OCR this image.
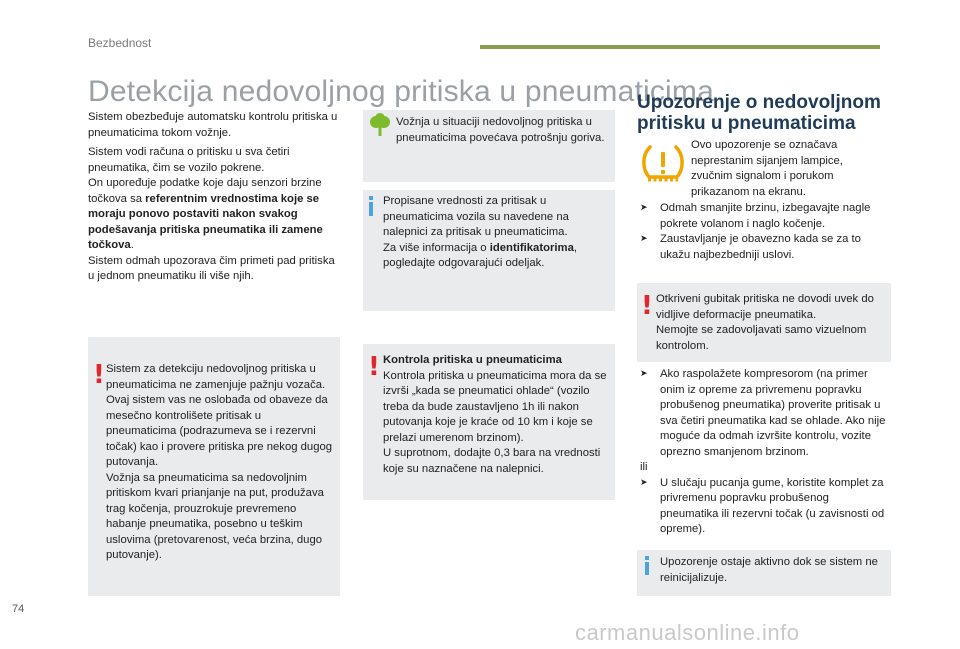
Bezbednost
Detekcija nedovoljnog pritiska u pneumaticima
Sistem obezbeđuje automatsku kontrolu pritiska u pneumaticima tokom vožnje.
Sistem vodi računa o pritisku u sva četiri pneumatika, čim se vozilo pokrene.
On upoređuje podatke koje daju senzori brzine točkova sa referentnim vrednostima koje se moraju ponovo postaviti nakon svakog podešavanja pritiska pneumatika ili zamene točkova.
Sistem odmah upozorava čim primeti pad pritiska u jednom pneumatiku ili više njih.
! Sistem za detekciju nedovoljnog pritiska u pneumaticima ne zamenjuje pažnju vozača.
Ovaj sistem vas ne oslobađa od obaveze da mesečno kontrolišete pritisak u pneumaticima (podrazumeva se i rezervni točak) kao i provere pritiska pre nekog dugog putovanja.
Vožnja sa pneumaticima sa nedovoljnim pritiskom kvari prianjanje na put, produžava trag kočenja, prouzrokuje prevremeno habanje pneumatika, posebno u teškim uslovima (pretovarenost, veća brzina, dugo putovanje).
Vožnja u situaciji nedovoljnog pritiska u pneumaticima povećava potrošnju goriva.
Propisane vrednosti za pritisak u pneumaticima vozila su navedene na nalepnici za pritisak u pneumaticima.
Za više informacija o identifikatorima, pogledajte odgovarajući odeljak.
! Kontrola pritiska u pneumaticima
Kontrola pritiska u pneumaticima mora da se izvrši „kada se pneumatici ohlade“ (vozilo treba da bude zaustavljeno 1h ili nakon putovanja koje je kraće od 10 km i koje se prelazi umerenom brzinom).
U suprotnom, dodajte 0,3 bara na vrednosti koje su naznačene na nalepnici.
Upozorenje o nedovoljnom pritisku u pneumaticima
Ovo upozorenje se označava neprestanim sijanjem lampice, zvučnim signalom i porukom prikazanom na ekranu.
➤	Odmah smanjite brzinu, izbegavajte nagle pokrete volanom i naglo kočenje.
➤	Zaustavljanje je obavezno kada se za to ukažu najbezbedniji uslovi.
! Otkriveni gubitak pritiska ne dovodi uvek do vidljive deformacije pneumatika.
Nemojte se zadovoljavati samo vizuelnom kontrolom.
➤	Ako raspolažete kompresorom (na primer onim iz opreme za privremenu popravku probušenog pneumatika) proverite pritisak u sva četiri pneumatika kad se ohlade. Ako nije moguće da odmah izvršite kontrolu, vozite oprezno smanjenom brzinom.
ili
➤	U slučaju pucanja gume, koristite komplet za privremenu popravku probušenog pneumatika ili rezervni točak (u zavisnosti od opreme).
Upozorenje ostaje aktivno dok se sistem ne reinicijalizuje.
74
carmanualsonline.info
